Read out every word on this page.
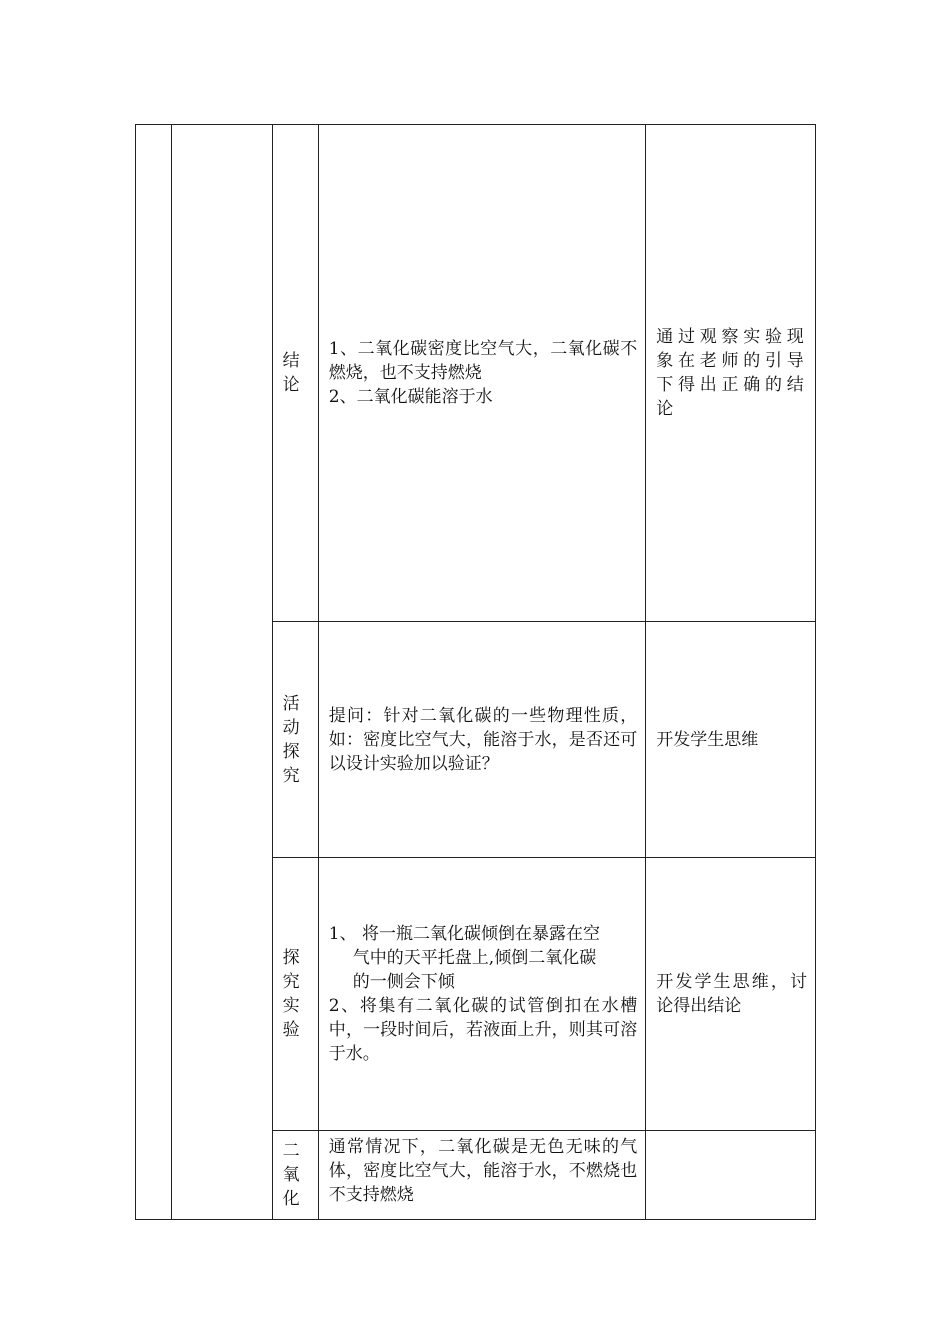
		结
论	1、二氧化碳密度比空气大，二氧化碳不燃烧，也不支持燃烧
2、二氧化碳能溶于水	通过观察实验现象在老师的引导下得出正确的结论

		活
动
探
究	提问：针对二氧化碳的一些物理性质，如：密度比空气大，能溶于水，是否还可以设计实验加以验证？	开发学生思维

		探
究
实
验	1、 将一瓶二氧化碳倾倒在暴露在空
气中的天平托盘上,倾倒二氧化碳
的一侧会下倾
2、将集有二氧化碳的试管倒扣在水槽中，一段时间后，若液面上升，则其可溶于水。	开发学生思维，讨论得出结论

		二
氧
化	通常情况下，二氧化碳是无色无味的气体，密度比空气大，能溶于水，不燃烧也不支持燃烧	
